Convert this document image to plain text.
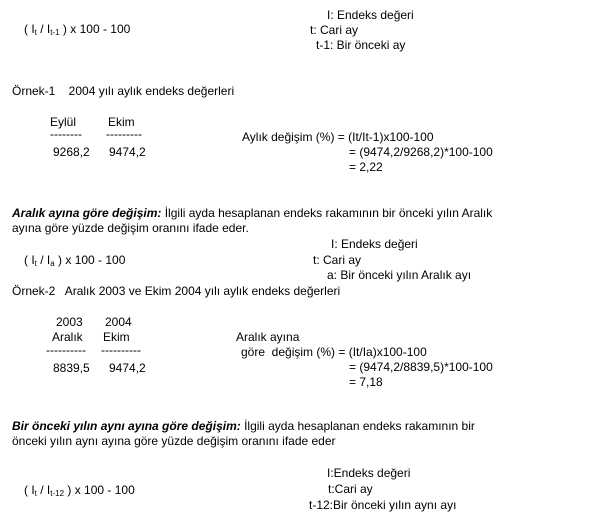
( $I_t / I_{t-1}$ ) x 100 - 100
I: Endeks değeri
t: Cari ay
t-1: Bir önceki ay
Örnek-1    2004 yılı aylık endeks değerleri
Eylül	Ekim
-------- ---------
9268,2 9474,2
Aylık değişim (%) = (It/It-1)x100-100
= (9474,2/9268,2)*100-100
= 2,22
Aralık ayına göre değişim: İlgili ayda hesaplanan endeks rakamının bir önceki yılın Aralık
ayına göre yüzde değişim oranını ifade eder.
( $I_t / I_a$ ) x 100 - 100
I: Endeks değeri
t: Cari ay
a: Bir önceki yılın Aralık ayı
Örnek-2   Aralık 2003 ve Ekim 2004 yılı aylık endeks değerleri
2003 2004
Aralık Ekim
---------- ----------
8839,5 9474,2
Aralık ayına
göre  değişim (%) = (It/Ia)x100-100
= (9474,2/8839,5)*100-100
= 7,18
Bir önceki yılın aynı ayına göre değişim: İlgili ayda hesaplanan endeks rakamının bir
önceki yılın aynı ayına göre yüzde değişim oranını ifade eder
( $I_t / I_{t-12}$ ) x 100 - 100
I:Endeks değeri
t:Cari ay
t-12:Bir önceki yılın aynı ayı
